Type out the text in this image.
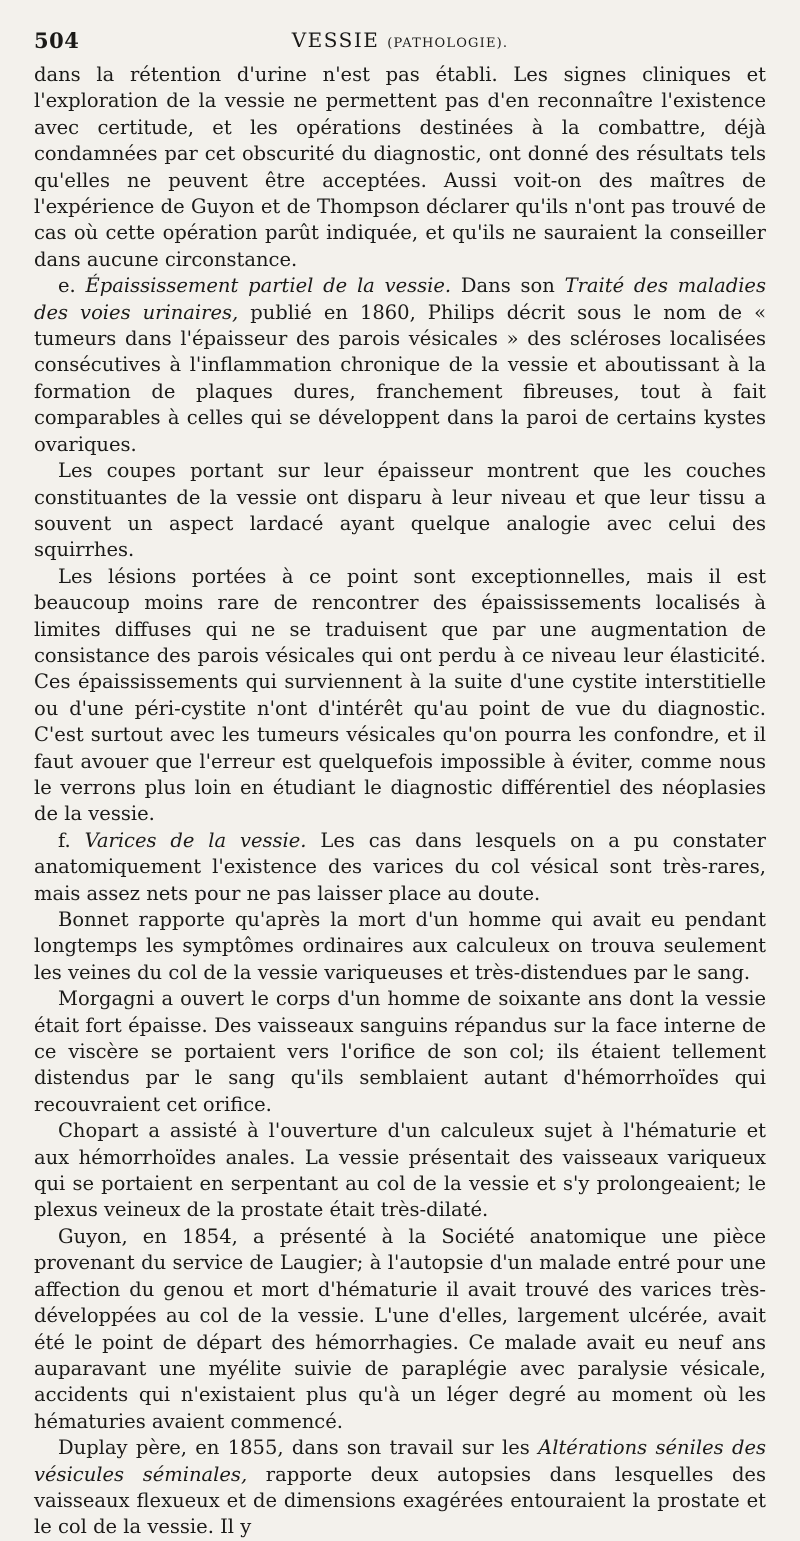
504	VESSIE (PATHOLOGIE).

dans la rétention d'urine n'est pas établi. Les signes cliniques et l'exploration de la vessie ne permettent pas d'en reconnaître l'existence avec certitude, et les opérations destinées à la combattre, déjà condamnées par cet obscurité du diagnostic, ont donné des résultats tels qu'elles ne peuvent être acceptées. Aussi voit-on des maîtres de l'expérience de Guyon et de Thompson déclarer qu'ils n'ont pas trouvé de cas où cette opération parût indiquée, et qu'ils ne sauraient la conseiller dans aucune circonstance.

e. Épaississement partiel de la vessie. Dans son Traité des maladies des voies urinaires, publié en 1860, Philips décrit sous le nom de « tumeurs dans l'épaisseur des parois vésicales » des scléroses localisées consécutives à l'inflammation chronique de la vessie et aboutissant à la formation de plaques dures, franchement fibreuses, tout à fait comparables à celles qui se développent dans la paroi de certains kystes ovariques.

Les coupes portant sur leur épaisseur montrent que les couches constituantes de la vessie ont disparu à leur niveau et que leur tissu a souvent un aspect lardacé ayant quelque analogie avec celui des squirrhes.

Les lésions portées à ce point sont exceptionnelles, mais il est beaucoup moins rare de rencontrer des épaississements localisés à limites diffuses qui ne se traduisent que par une augmentation de consistance des parois vésicales qui ont perdu à ce niveau leur élasticité. Ces épaississements qui surviennent à la suite d'une cystite interstitielle ou d'une péri-cystite n'ont d'intérêt qu'au point de vue du diagnostic. C'est surtout avec les tumeurs vésicales qu'on pourra les confondre, et il faut avouer que l'erreur est quelquefois impossible à éviter, comme nous le verrons plus loin en étudiant le diagnostic différentiel des néoplasies de la vessie.

f. Varices de la vessie. Les cas dans lesquels on a pu constater anatomiquement l'existence des varices du col vésical sont très-rares, mais assez nets pour ne pas laisser place au doute.

Bonnet rapporte qu'après la mort d'un homme qui avait eu pendant longtemps les symptômes ordinaires aux calculeux on trouva seulement les veines du col de la vessie variqueuses et très-distendues par le sang.

Morgagni a ouvert le corps d'un homme de soixante ans dont la vessie était fort épaisse. Des vaisseaux sanguins répandus sur la face interne de ce viscère se portaient vers l'orifice de son col; ils étaient tellement distendus par le sang qu'ils semblaient autant d'hémorrhoïdes qui recouvraient cet orifice.

Chopart a assisté à l'ouverture d'un calculeux sujet à l'hématurie et aux hémorrhoïdes anales. La vessie présentait des vaisseaux variqueux qui se portaient en serpentant au col de la vessie et s'y prolongeaient; le plexus veineux de la prostate était très-dilaté.

Guyon, en 1854, a présenté à la Société anatomique une pièce provenant du service de Laugier; à l'autopsie d'un malade entré pour une affection du genou et mort d'hématurie il avait trouvé des varices très-développées au col de la vessie. L'une d'elles, largement ulcérée, avait été le point de départ des hémorrhagies. Ce malade avait eu neuf ans auparavant une myélite suivie de paraplégie avec paralysie vésicale, accidents qui n'existaient plus qu'à un léger degré au moment où les hématuries avaient commencé.

Duplay père, en 1855, dans son travail sur les Altérations séniles des vésicules séminales, rapporte deux autopsies dans lesquelles des vaisseaux flexueux et de dimensions exagérées entouraient la prostate et le col de la vessie. Il y
